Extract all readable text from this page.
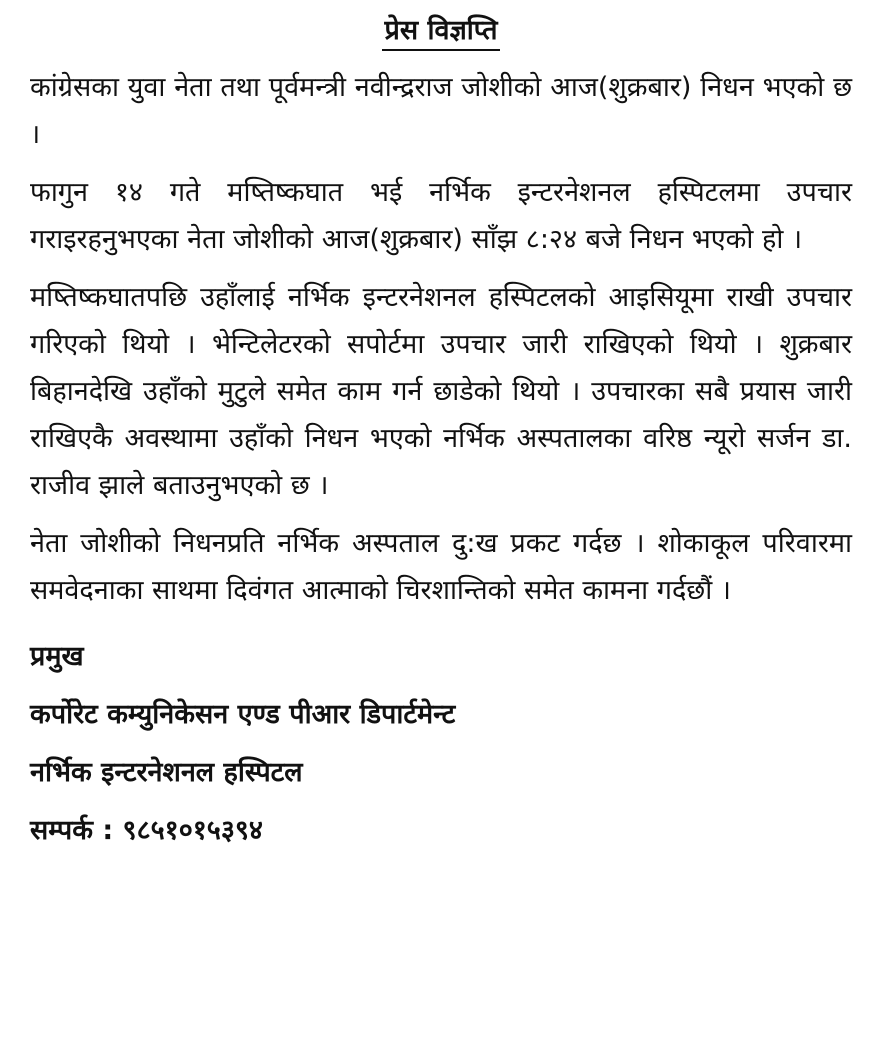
प्रेस विज्ञप्ति

कांग्रेसका युवा नेता तथा पूर्वमन्त्री नवीन्द्रराज जोशीको आज(शुक्रबार) निधन भएको छ ।

फागुन १४ गते मष्तिष्कघात भई नर्भिक इन्टरनेशनल हस्पिटलमा उपचार गराइरहनुभएका नेता जोशीको आज(शुक्रबार) साँझ ८:२४ बजे निधन भएको हो ।

मष्तिष्कघातपछि उहाँलाई नर्भिक इन्टरनेशनल हस्पिटलको आइसियूमा राखी उपचार गरिएको थियो । भेन्टिलेटरको सपोर्टमा उपचार जारी राखिएको थियो । शुक्रबार बिहानदेखि उहाँको मुटुले समेत काम गर्न छाडेको थियो । उपचारका सबै प्रयास जारी राखिएकै अवस्थामा उहाँको निधन भएको नर्भिक अस्पतालका वरिष्ठ न्यूरो सर्जन डा. राजीव झाले बताउनुभएको छ ।

नेता जोशीको निधनप्रति नर्भिक अस्पताल दु:ख प्रकट गर्दछ । शोकाकूल परिवारमा समवेदनाका साथमा दिवंगत आत्माको चिरशान्तिको समेत कामना गर्दछौं ।

प्रमुख

कर्पोरेट कम्युनिकेसन एण्ड पीआर डिपार्टमेन्ट

नर्भिक इन्टरनेशनल हस्पिटल

सम्पर्क : ९८५१०१५३९४
